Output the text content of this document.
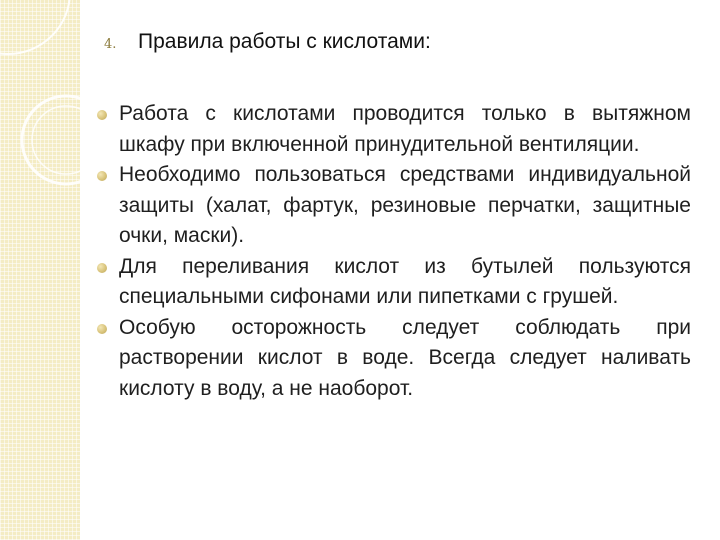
4.	Правила работы с кислотами:
Работа с кислотами проводится только в вытяжном шкафу при включенной принудительной вентиляции.
Необходимо пользоваться средствами индивидуальной защиты (халат, фартук, резиновые перчатки, защитные очки, маски).
Для переливания кислот из бутылей пользуются специальными сифонами или пипетками с грушей.
Особую осторожность следует соблюдать при растворении кислот в воде. Всегда следует наливать кислоту в воду, а не наоборот.
